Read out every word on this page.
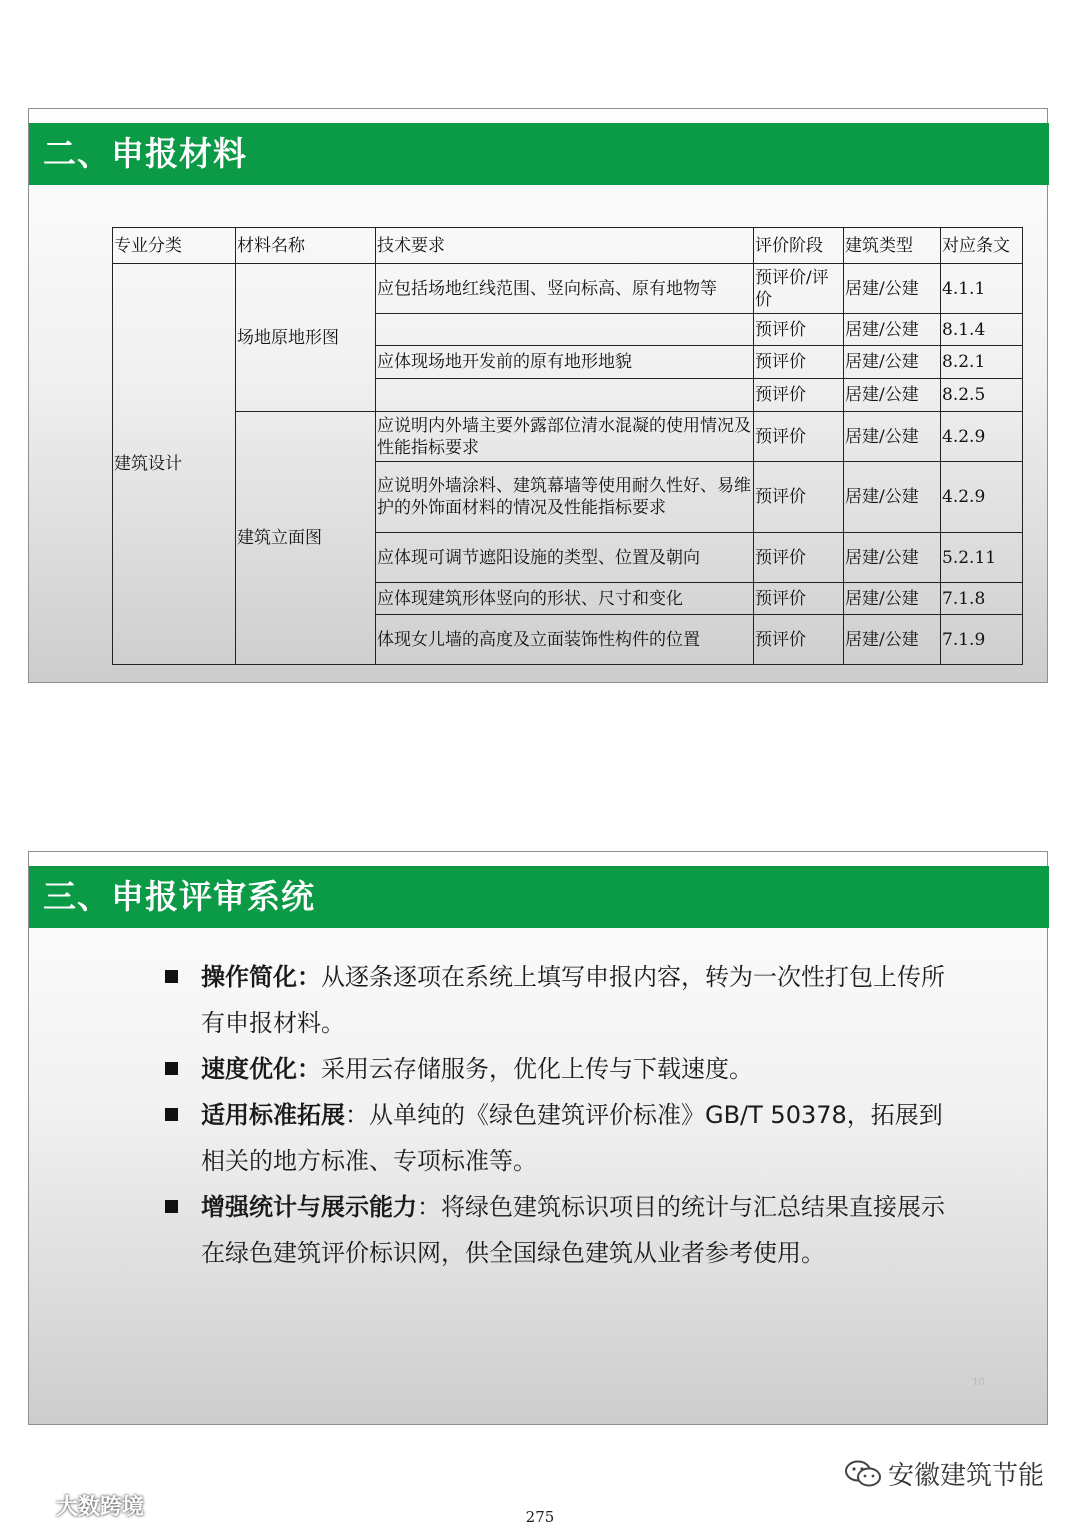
二、申报材料
专业分类	材料名称	技术要求	评价阶段	建筑类型	对应条文
建筑设计	场地原地形图	应包括场地红线范围、竖向标高、原有地物等	预评价/评价	居建/公建	4.1.1
			预评价	居建/公建	8.1.4
		应体现场地开发前的原有地形地貌	预评价	居建/公建	8.2.1
			预评价	居建/公建	8.2.5
	建筑立面图	应说明内外墙主要外露部位清水混凝的使用情况及性能指标要求	预评价	居建/公建	4.2.9
		应说明外墙涂料、建筑幕墙等使用耐久性好、易维护的外饰面材料的情况及性能指标要求	预评价	居建/公建	4.2.9
		应体现可调节遮阳设施的类型、位置及朝向	预评价	居建/公建	5.2.11
		应体现建筑形体竖向的形状、尺寸和变化	预评价	居建/公建	7.1.8
		体现女儿墙的高度及立面装饰性构件的位置	预评价	居建/公建	7.1.9
三、申报评审系统
操作简化：从逐条逐项在系统上填写申报内容，转为一次性打包上传所有申报材料。
速度优化：采用云存储服务，优化上传与下载速度。
适用标准拓展：从单纯的《绿色建筑评价标准》GB/T 50378，拓展到相关的地方标准、专项标准等。
增强统计与展示能力：将绿色建筑标识项目的统计与汇总结果直接展示在绿色建筑评价标识网，供全国绿色建筑从业者参考使用。
10
安徽建筑节能
大数跨境	275
